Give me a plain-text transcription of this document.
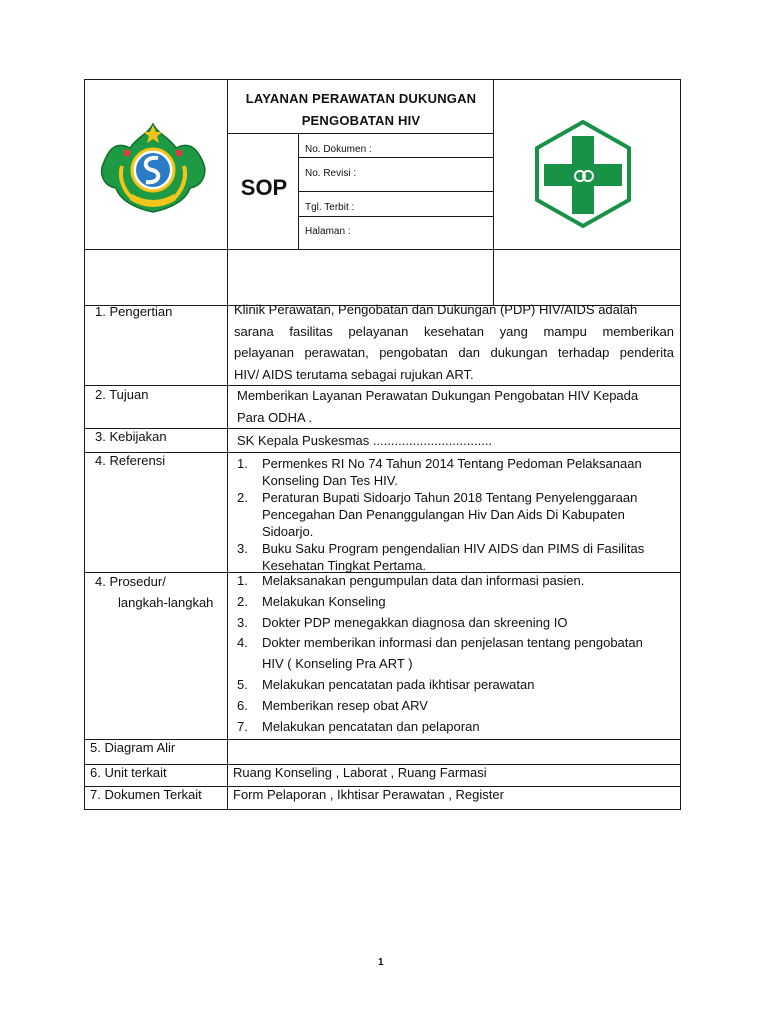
LAYANAN PERAWATAN DUKUNGAN
PENGOBATAN HIV
SOP
No. Dokumen :
No. Revisi :
Tgl. Terbit :
Halaman :
1. Pengertian	Klinik Perawatan, Pengobatan dan Dukungan (PDP) HIV/AIDS adalah
sarana fasilitas pelayanan kesehatan yang mampu memberikan
pelayanan perawatan, pengobatan dan dukungan terhadap penderita
HIV/ AIDS terutama sebagai rujukan ART.
2. Tujuan	Memberikan Layanan Perawatan Dukungan Pengobatan HIV Kepada
Para ODHA .
3. Kebijakan	SK Kepala Puskesmas .................................
4. Referensi	1. Permenkes RI No 74 Tahun 2014 Tentang Pedoman Pelaksanaan
Konseling Dan Tes HIV.
2. Peraturan Bupati Sidoarjo Tahun 2018 Tentang Penyelenggaraan
Pencegahan Dan Penanggulangan Hiv Dan Aids Di Kabupaten
Sidoarjo.
3. Buku Saku Program pengendalian HIV AIDS dan PIMS di Fasilitas
Kesehatan Tingkat Pertama.
4. Prosedur/
langkah-langkah
1. Melaksanakan pengumpulan data dan informasi pasien.
2. Melakukan Konseling
3. Dokter PDP menegakkan diagnosa dan skreening IO
4. Dokter memberikan informasi dan penjelasan tentang pengobatan
HIV ( Konseling Pra ART )
5. Melakukan pencatatan pada ikhtisar perawatan
6. Memberikan resep obat ARV
7. Melakukan pencatatan dan pelaporan
5. Diagram Alir
6. Unit terkait	Ruang Konseling , Laborat , Ruang Farmasi
7. Dokumen Terkait Form Pelaporan , Ikhtisar Perawatan , Register
1
